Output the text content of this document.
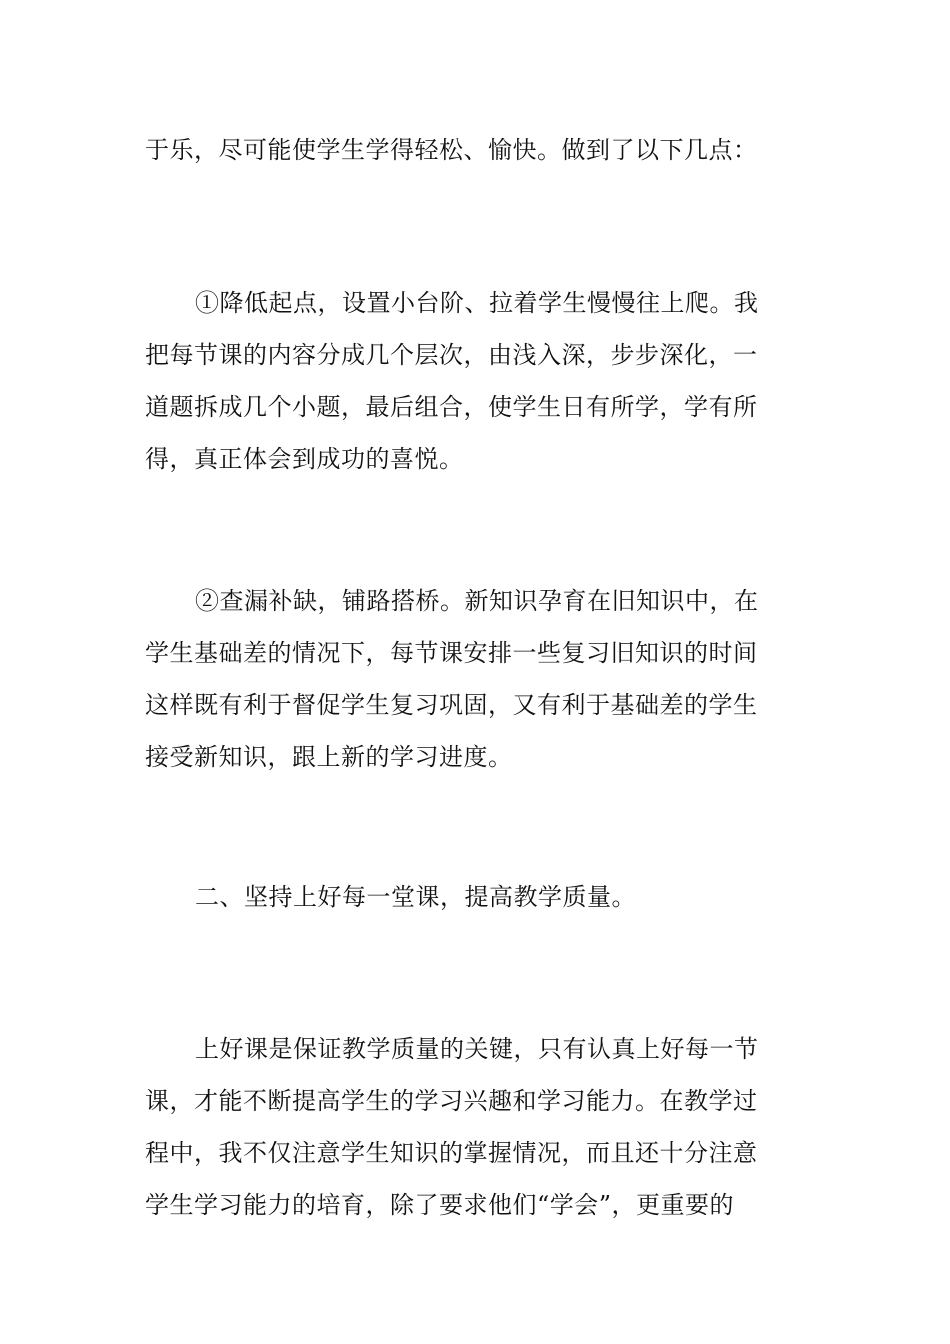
于乐，尽可能使学生学得轻松、愉快。做到了以下几点：

①降低起点，设置小台阶、拉着学生慢慢往上爬。我
把每节课的内容分成几个层次，由浅入深，步步深化，一
道题拆成几个小题，最后组合，使学生日有所学，学有所
得，真正体会到成功的喜悦。

②查漏补缺，铺路搭桥。新知识孕育在旧知识中，在
学生基础差的情况下，每节课安排一些复习旧知识的时间
这样既有利于督促学生复习巩固，又有利于基础差的学生
接受新知识，跟上新的学习进度。

二、坚持上好每一堂课，提高教学质量。

上好课是保证教学质量的关键，只有认真上好每一节
课，才能不断提高学生的学习兴趣和学习能力。在教学过
程中，我不仅注意学生知识的掌握情况，而且还十分注意
学生学习能力的培育，除了要求他们“学会”，更重要的
